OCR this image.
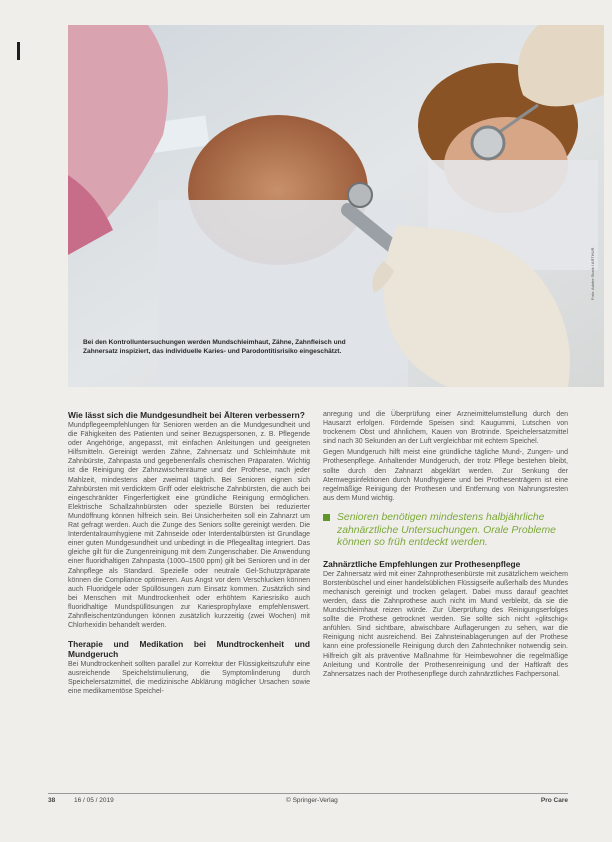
Bei den Kontrolluntersuchungen werden Mundschleimhaut, Zähne, Zahnfleisch und Zahnersatz inspiziert, das individuelle Karies- und Parodontitisrisiko eingeschätzt.
Foto: Adobe Stock / ARTHUR
Wie lässt sich die Mundgesundheit bei Älteren verbessern?

Mundpflegeempfehlungen für Senioren werden an die Mundgesundheit und die Fähigkeiten des Patienten und seiner Bezugspersonen, z. B. Pflegende oder Angehörige, angepasst, mit einfachen Anleitungen und geeigneten Hilfsmitteln. Gereinigt werden Zähne, Zahnersatz und Schleimhäute mit Zahnbürste, Zahnpasta und gegebenenfalls chemischen Präparaten. Wichtig ist die Reinigung der Zahnzwischenräume und der Prothese, nach jeder Mahlzeit, mindestens aber zweimal täglich. Bei Senioren eignen sich Zahnbürsten mit verdicktem Griff oder elektrische Zahnbürsten, die auch bei eingeschränkter Fingerfertigkeit eine gründliche Reinigung ermöglichen. Elektrische Schallzahnbürsten oder spezielle Bürsten bei reduzierter Mundöffnung können hilfreich sein. Bei Unsicherheiten soll ein Zahnarzt um Rat gefragt werden. Auch die Zunge des Seniors sollte gereinigt werden. Die Interdentalraumhygiene mit Zahnseide oder Interdentalbürsten ist Grundlage einer guten Mundgesundheit und unbedingt in die Pflegealltag integriert. Das gleiche gilt für die Zungenreinigung mit dem Zungenschaber. Die Anwendung einer fluoridhaltigen Zahnpasta (1000–1500 ppm) gilt bei Senioren und in der Zahnpflege als Standard. Spezielle oder neutrale Gel-Schutzpräparate können die Compliance optimieren. Aus Angst vor dem Verschlucken können auch Fluoridgele oder Spüllösungen zum Einsatz kommen. Zusätzlich sind bei Menschen mit Mundtrockenheit oder erhöhtem Kariesrisiko auch fluoridhaltige Mundspüllösungen zur Kariesprophylaxe empfehlenswert. Zahnfleischentzündungen können zusätzlich kurzzeitig (zwei Wochen) mit Chlorhexidin behandelt werden.

Therapie und Medikation bei Mundtrockenheit und Mundgeruch

Bei Mundtrockenheit sollten parallel zur Korrektur der Flüssigkeitszufuhr eine ausreichende Speichelstimulierung, die Symptomlinderung durch Speichelersatzmittel, die medizinische Abklärung möglicher Ursachen sowie eine medikamentöse Speichel-

anregung und die Überprüfung einer Arzneimittelumstellung durch den Hausarzt erfolgen. Fördernde Speisen sind: Kaugummi, Lutschen von trockenem Obst und ähnlichem, Kauen von Brotrinde. Speichelersatzmittel sind nach 30 Sekunden an der Luft vergleichbar mit echtem Speichel.

Gegen Mundgeruch hilft meist eine gründliche tägliche Mund-, Zungen- und Prothesenpflege. Anhaltender Mundgeruch, der trotz Pflege bestehen bleibt, sollte durch den Zahnarzt abgeklärt werden. Zur Senkung der Atemwegsinfektionen durch Mundhygiene und bei Prothesenträgern ist eine regelmäßige Reinigung der Prothesen und Entfernung von Nahrungsresten aus dem Mund wichtig.

Senioren benötigen mindestens halbjährliche zahnärztliche Untersuchungen. Orale Probleme können so früh entdeckt werden.
Zahnärztliche Empfehlungen zur Prothesenpflege

Der Zahnersatz wird mit einer Zahnprothesenbürste mit zusätzlichem weichem Borstenbüschel und einer handelsüblichen Flüssigseife außerhalb des Mundes mechanisch gereinigt und trocken gelagert. Dabei muss darauf geachtet werden, dass die Zahnprothese auch nicht im Mund verbleibt, da sie die Mundschleimhaut reizen würde. Zur Überprüfung des Reinigungserfolges sollte die Prothese getrocknet werden. Sie sollte sich nicht »glitschig« anfühlen. Sind sichtbare, abwischbare Auflagerungen zu sehen, war die Reinigung nicht ausreichend. Bei Zahnsteinablagerungen auf der Prothese kann eine professionelle Reinigung durch den Zahntechniker notwendig sein. Hilfreich gilt als präventive Maßnahme für Heimbewohner die regelmäßige Anleitung und Kontrolle der Prothesenreinigung und der Haftkraft des Zahnersatzes nach der Prothesenpflege durch zahnärztliches Fachpersonal.

38	16 / 05 / 2019	© Springer-Verlag	Pro Care
